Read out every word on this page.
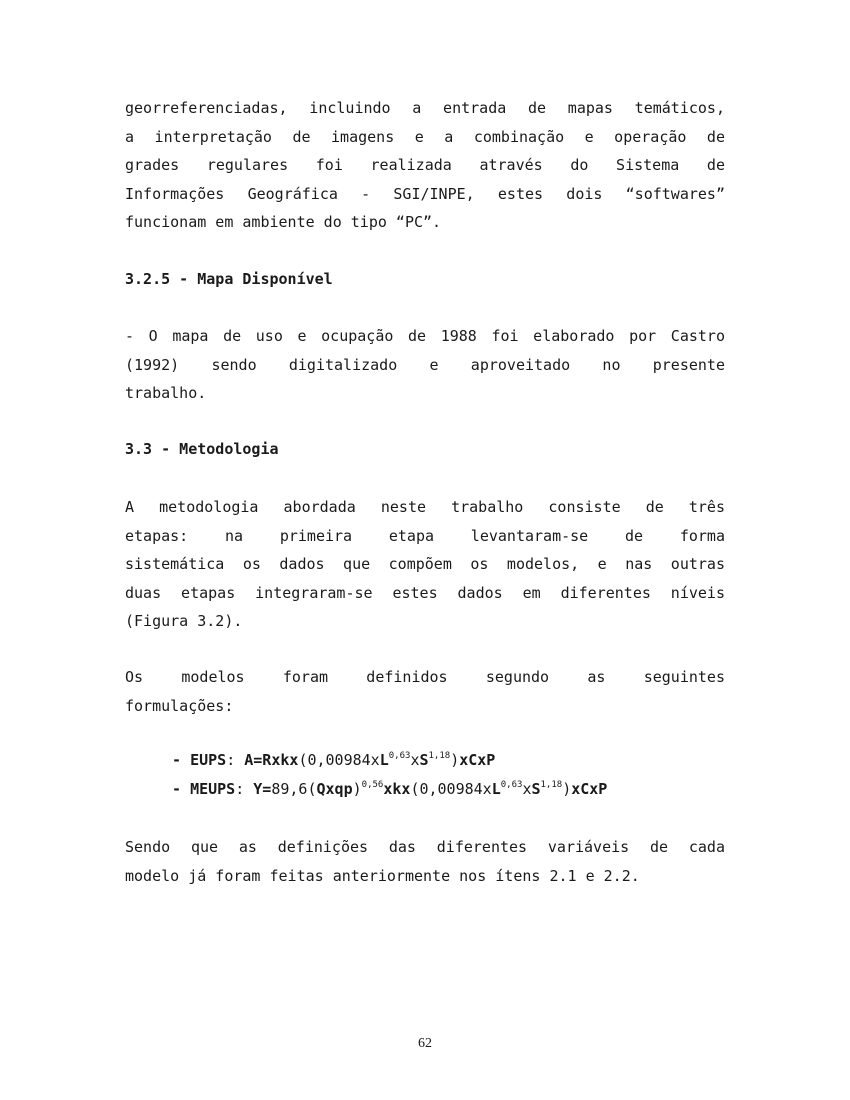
georreferenciadas, incluindo a entrada de mapas temáticos,
a interpretação de imagens e a combinação e operação de
grades regulares foi realizada através do Sistema de
Informações Geográfica - SGI/INPE, estes dois “softwares”
funcionam em ambiente do tipo “PC”.
3.2.5 - Mapa Disponível
- O mapa de uso e ocupação de 1988 foi elaborado por Castro
(1992) sendo digitalizado e aproveitado no presente
trabalho.
3.3 - Metodologia
A metodologia abordada neste trabalho consiste de três
etapas: na primeira etapa levantaram-se de forma
sistemática os dados que compõem os modelos, e nas outras
duas etapas integraram-se estes dados em diferentes níveis
(Figura 3.2).
Os modelos foram definidos segundo as seguintes
formulações:
- EUPS: A=Rxkx(0,00984xL$^{0,63}$xS$^{1,18}$)xCxP
- MEUPS: Y=89,6(Qxqp)$^{0,56}$xkx(0,00984xL$^{0,63}$xS$^{1,18}$)xCxP
Sendo que as definições das diferentes variáveis de cada
modelo já foram feitas anteriormente nos ítens 2.1 e 2.2.
62
